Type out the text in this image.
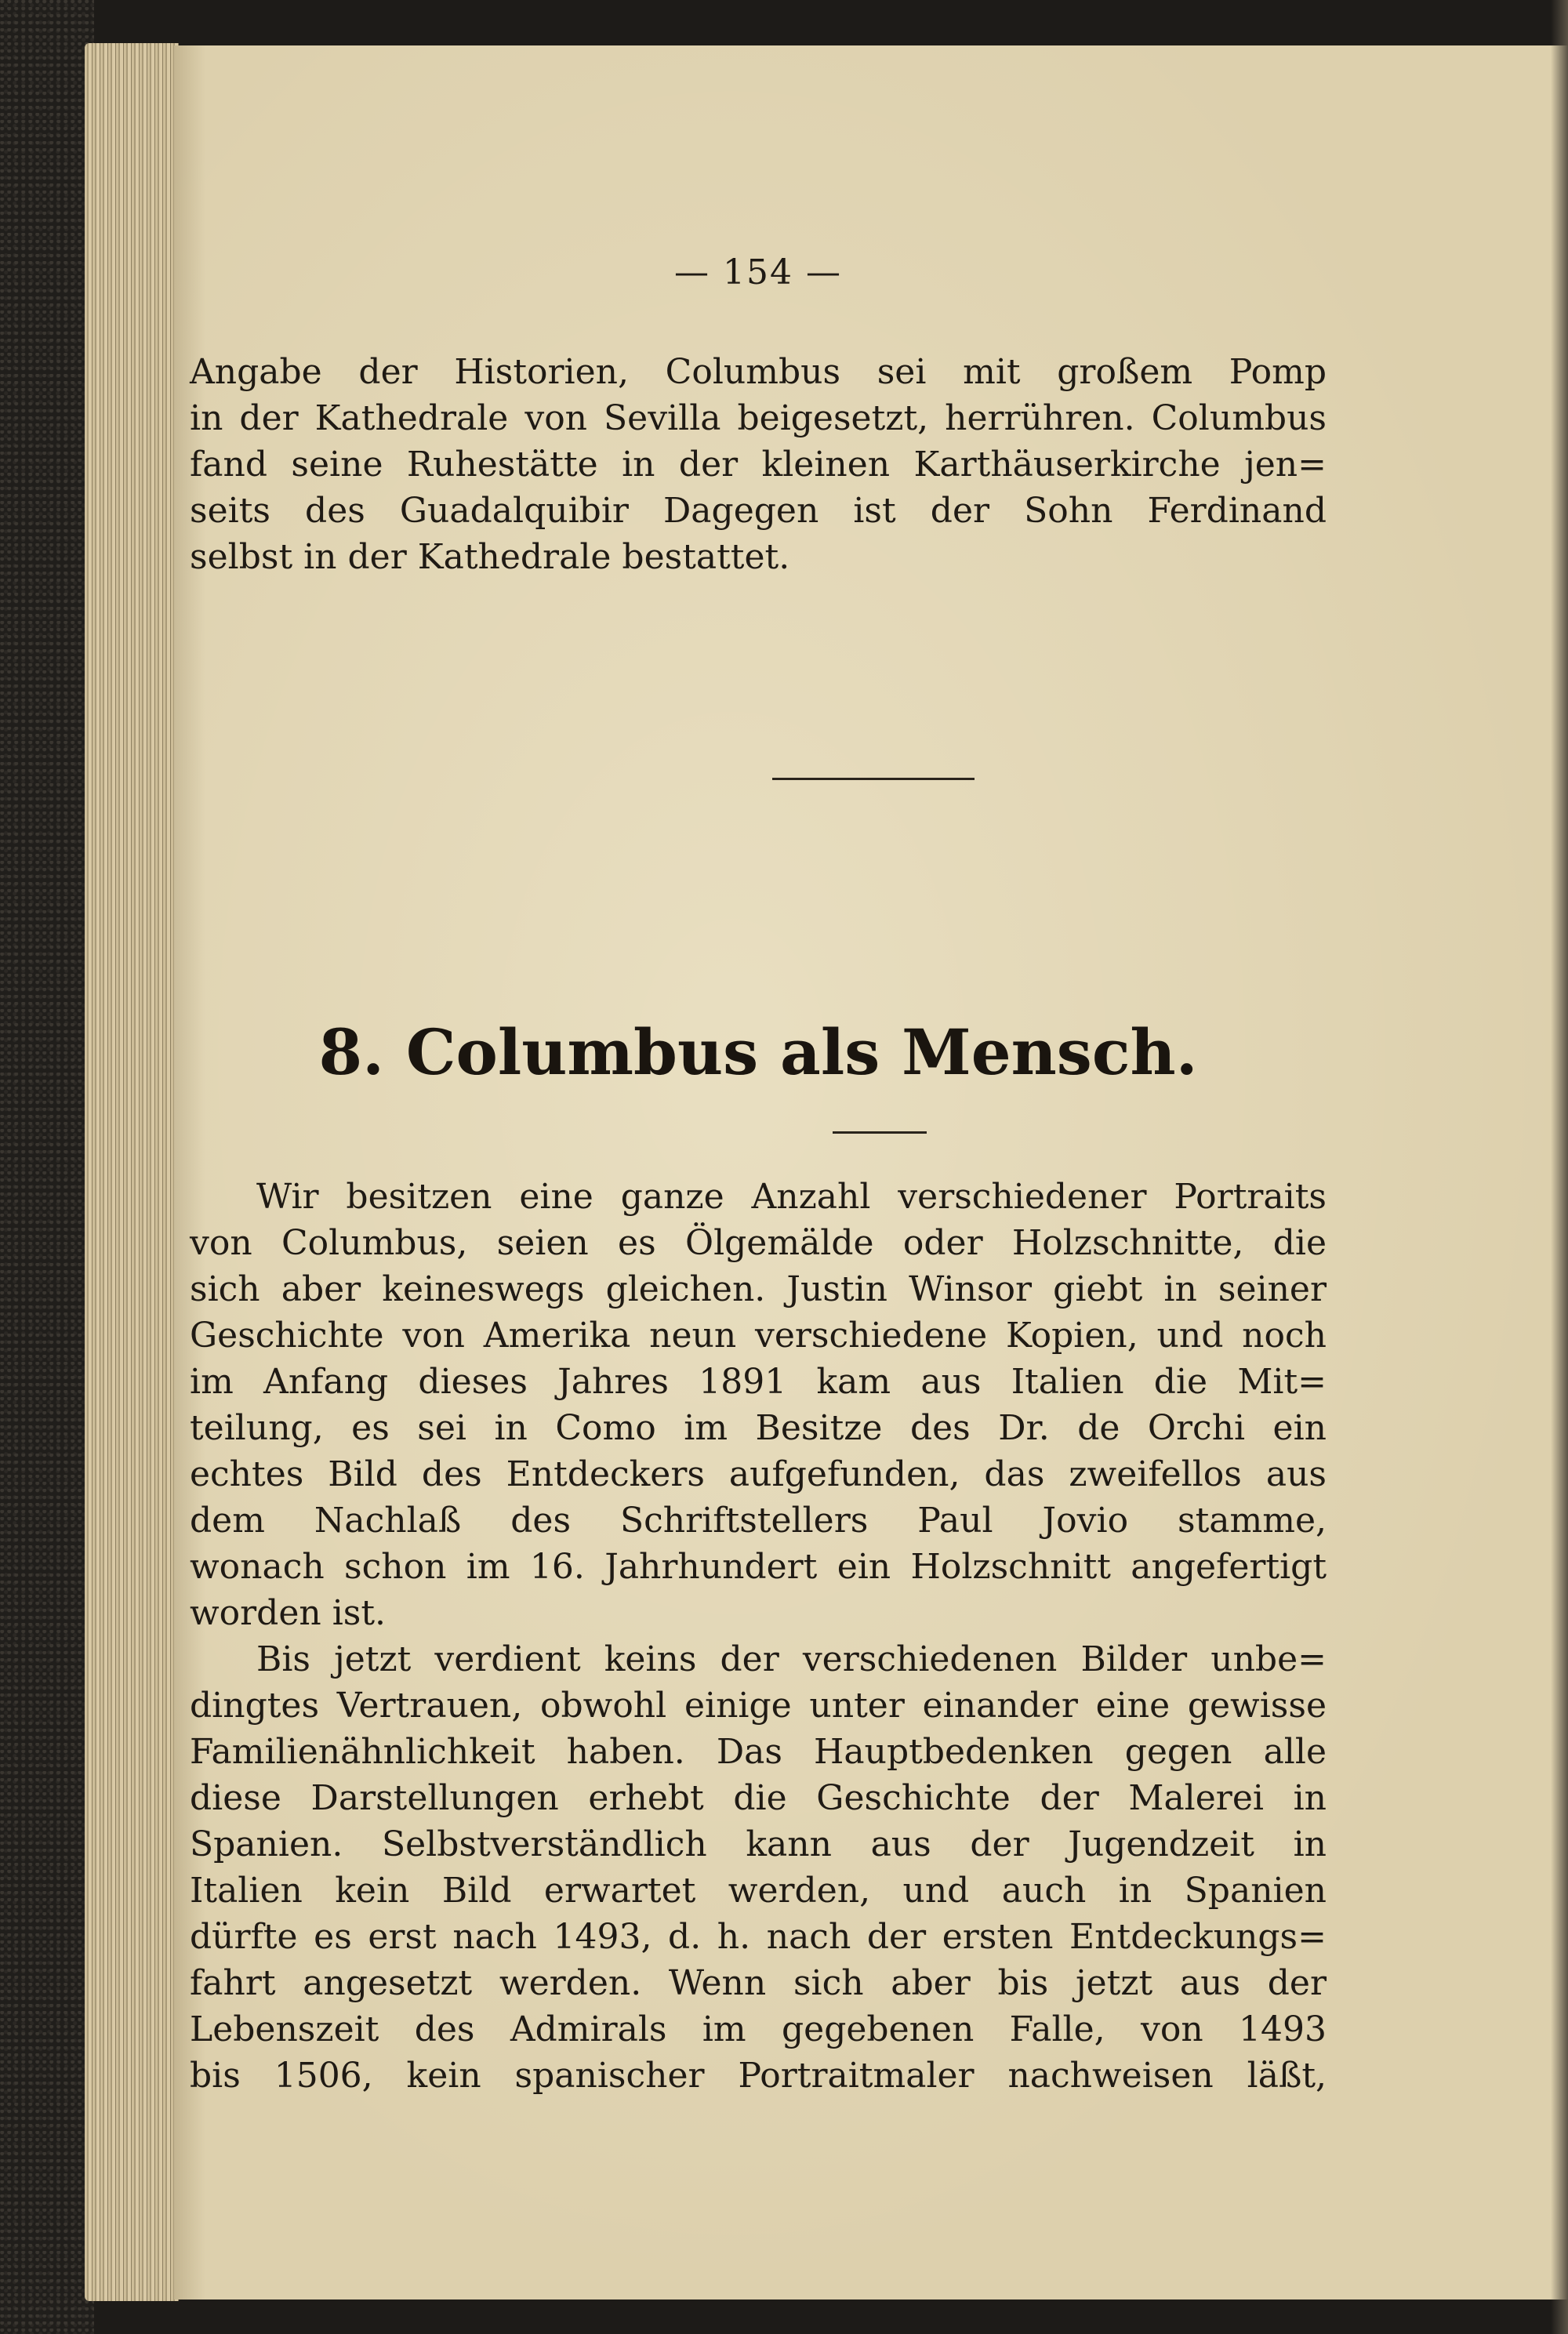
— 154 —
Angabe der Historien, Columbus sei mit großem Pomp
in der Kathedrale von Sevilla beigesetzt, herrühren. Columbus
fand seine Ruhestätte in der kleinen Karthäuserkirche jen=
seits des Guadalquibir Dagegen ist der Sohn Ferdinand
selbst in der Kathedrale bestattet.
8. Columbus als Mensch.
Wir besitzen eine ganze Anzahl verschiedener Portraits
von Columbus, seien es Ölgemälde oder Holzschnitte, die
sich aber keineswegs gleichen. Justin Winsor giebt in seiner
Geschichte von Amerika neun verschiedene Kopien, und noch
im Anfang dieses Jahres 1891 kam aus Italien die Mit=
teilung, es sei in Como im Besitze des Dr. de Orchi ein
echtes Bild des Entdeckers aufgefunden, das zweifellos aus
dem Nachlaß des Schriftstellers Paul Jovio stamme,
wonach schon im 16. Jahrhundert ein Holzschnitt angefertigt
worden ist.
Bis jetzt verdient keins der verschiedenen Bilder unbe=
dingtes Vertrauen, obwohl einige unter einander eine gewisse
Familienähnlichkeit haben. Das Hauptbedenken gegen alle
diese Darstellungen erhebt die Geschichte der Malerei in
Spanien. Selbstverständlich kann aus der Jugendzeit in
Italien kein Bild erwartet werden, und auch in Spanien
dürfte es erst nach 1493, d. h. nach der ersten Entdeckungs=
fahrt angesetzt werden. Wenn sich aber bis jetzt aus der
Lebenszeit des Admirals im gegebenen Falle, von 1493
bis 1506, kein spanischer Portraitmaler nachweisen läßt,
